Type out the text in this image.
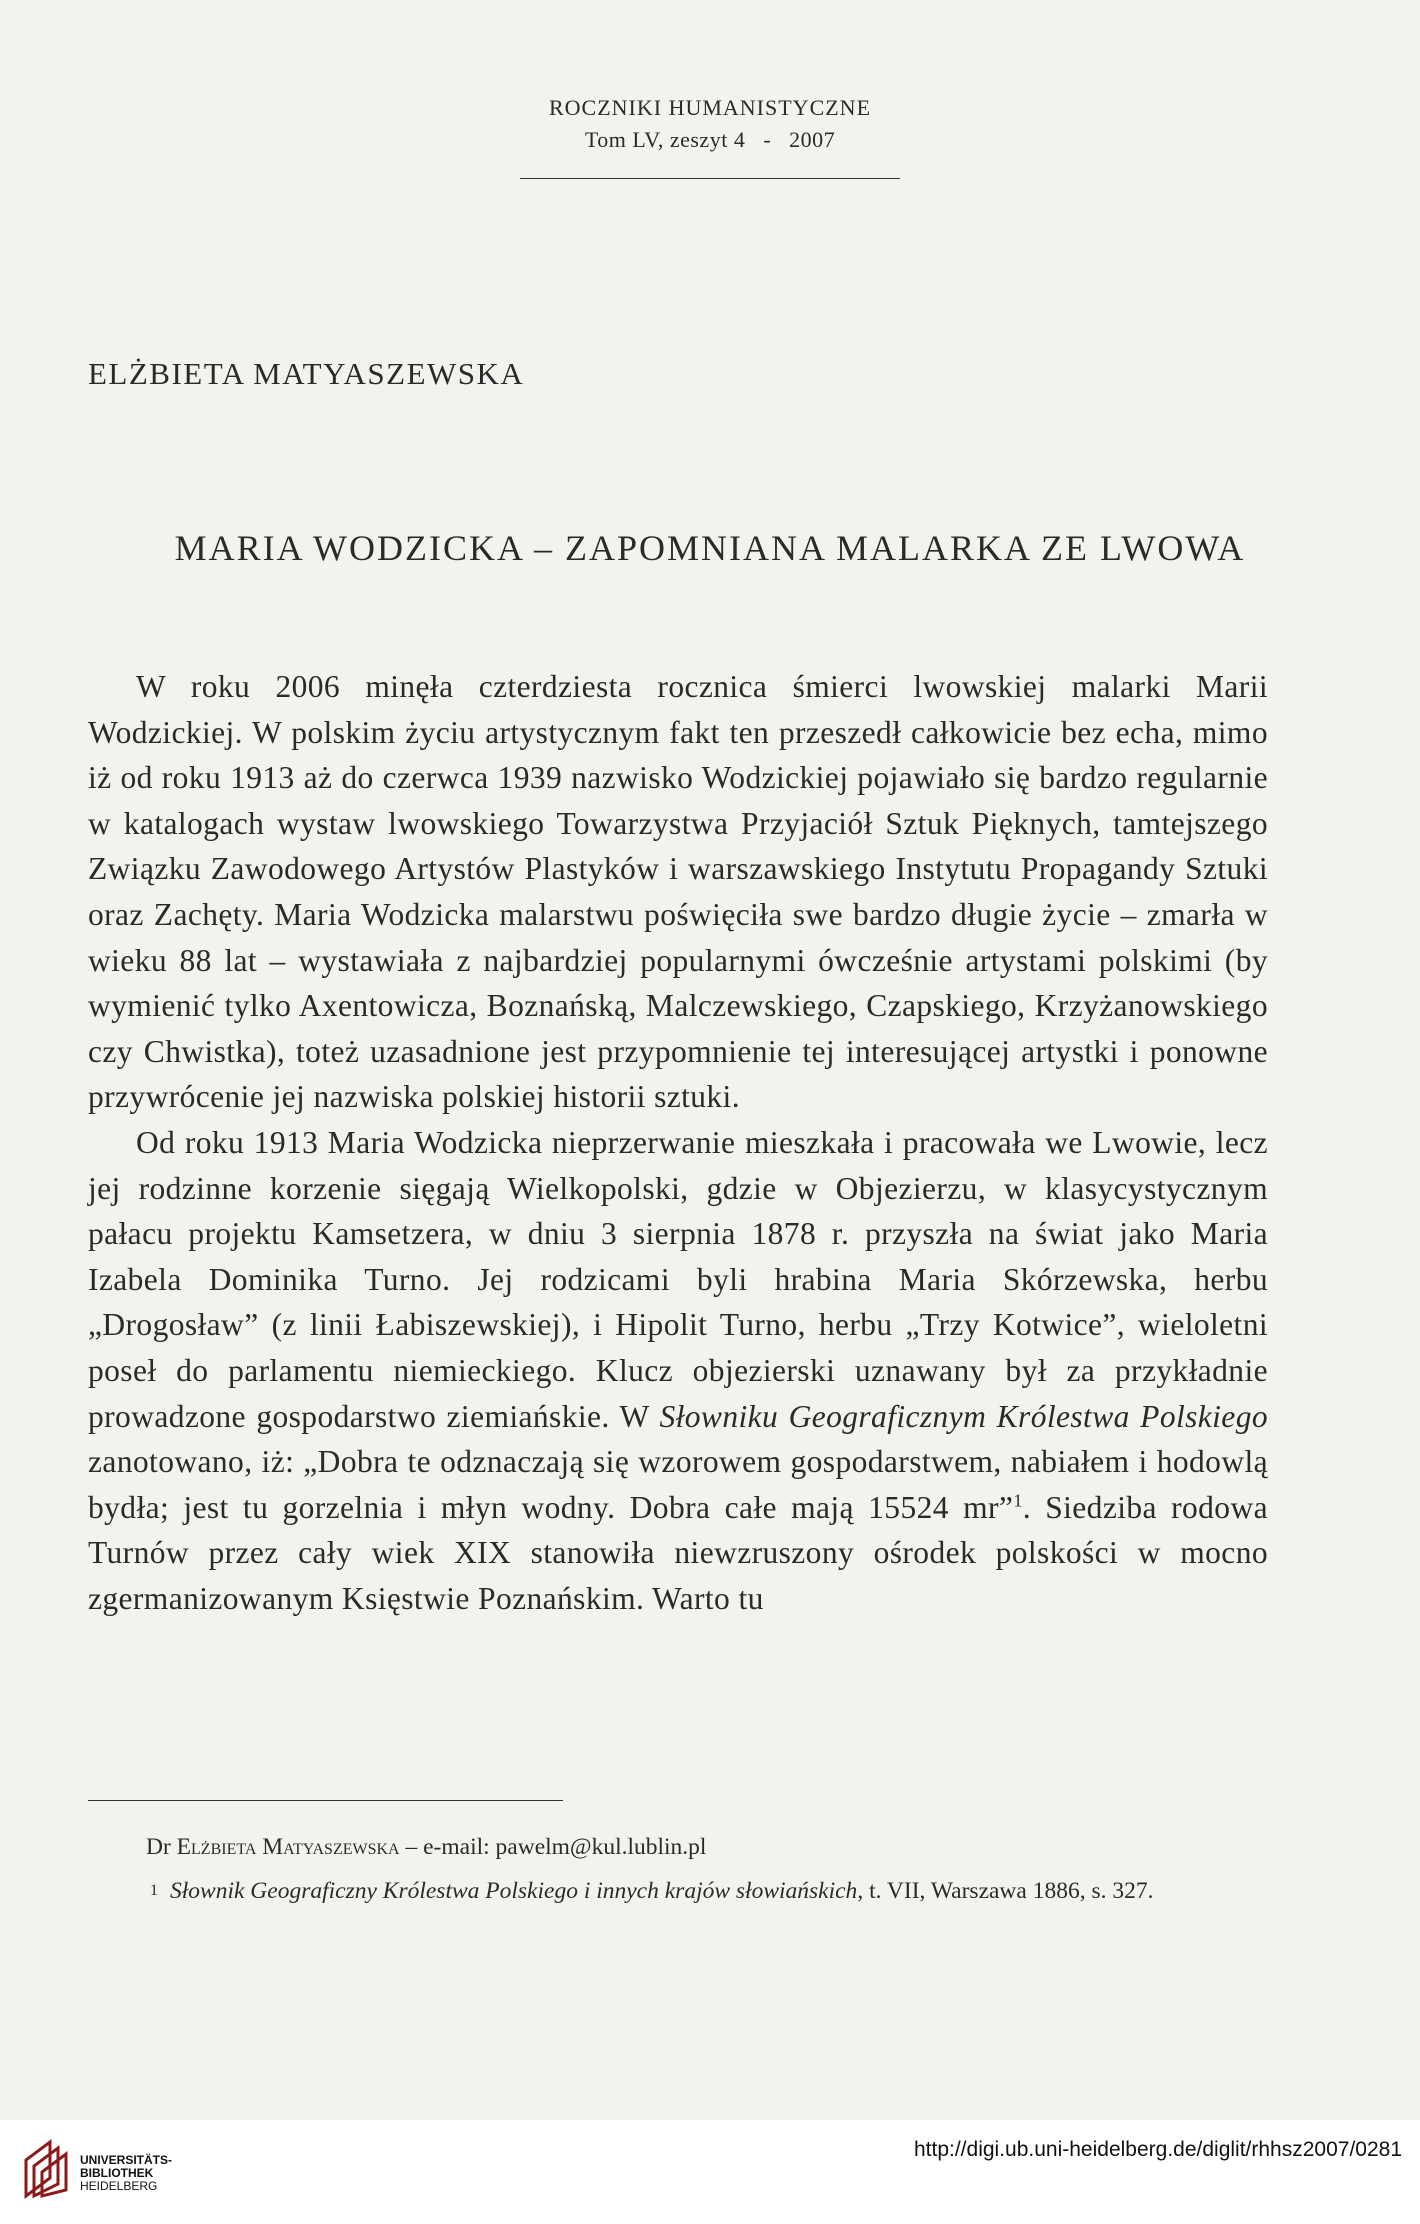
ROCZNIKI HUMANISTYCZNE
Tom LV, zeszyt 4   -   2007
ELŻBIETA MATYASZEWSKA
MARIA WODZICKA – ZAPOMNIANA MALARKA ZE LWOWA

W roku 2006 minęła czterdziesta rocznica śmierci lwowskiej malarki Marii Wodzickiej. W polskim życiu artystycznym fakt ten przeszedł całkowicie bez echa, mimo iż od roku 1913 aż do czerwca 1939 nazwisko Wodzickiej pojawiało się bardzo regularnie w katalogach wystaw lwowskiego Towarzystwa Przyjaciół Sztuk Pięknych, tamtejszego Związku Zawodowego Artystów Plastyków i warszawskiego Instytutu Propagandy Sztuki oraz Zachęty. Maria Wodzicka malarstwu poświęciła swe bardzo długie życie – zmarła w wieku 88 lat – wystawiała z najbardziej popularnymi ówcześnie artystami polskimi (by wymienić tylko Axentowicza, Boznańską, Malczewskiego, Czapskiego, Krzyżanowskiego czy Chwistka), toteż uzasadnione jest przypomnienie tej interesującej artystki i ponowne przywrócenie jej nazwiska polskiej historii sztuki.

Od roku 1913 Maria Wodzicka nieprzerwanie mieszkała i pracowała we Lwowie, lecz jej rodzinne korzenie sięgają Wielkopolski, gdzie w Objezierzu, w klasycystycznym pałacu projektu Kamsetzera, w dniu 3 sierpnia 1878 r. przyszła na świat jako Maria Izabela Dominika Turno. Jej rodzicami byli hrabina Maria Skórzewska, herbu „Drogosław” (z linii Łabiszewskiej), i Hipolit Turno, herbu „Trzy Kotwice”, wieloletni poseł do parlamentu niemieckiego. Klucz objezierski uznawany był za przykładnie prowadzone gospodarstwo ziemiańskie. W Słowniku Geograficznym Królestwa Polskiego zanotowano, iż: „Dobra te odznaczają się wzorowem gospodarstwem, nabiałem i hodowlą bydła; jest tu gorzelnia i młyn wodny. Dobra całe mają 15524 mr”$^1$. Siedziba rodowa Turnów przez cały wiek XIX stanowiła niewzruszony ośrodek polskości w mocno zgermanizowanym Księstwie Poznańskim. Warto tu

Dr Elżbieta Matyaszewska – e-mail: pawelm@kul.lublin.pl
1 Słownik Geograficzny Królestwa Polskiego i innych krajów słowiańskich, t. VII, Warszawa 1886, s. 327.
UNIVERSITÄTS-
BIBLIOTHEK
HEIDELBERG
http://digi.ub.uni-heidelberg.de/diglit/rhhsz2007/0281
